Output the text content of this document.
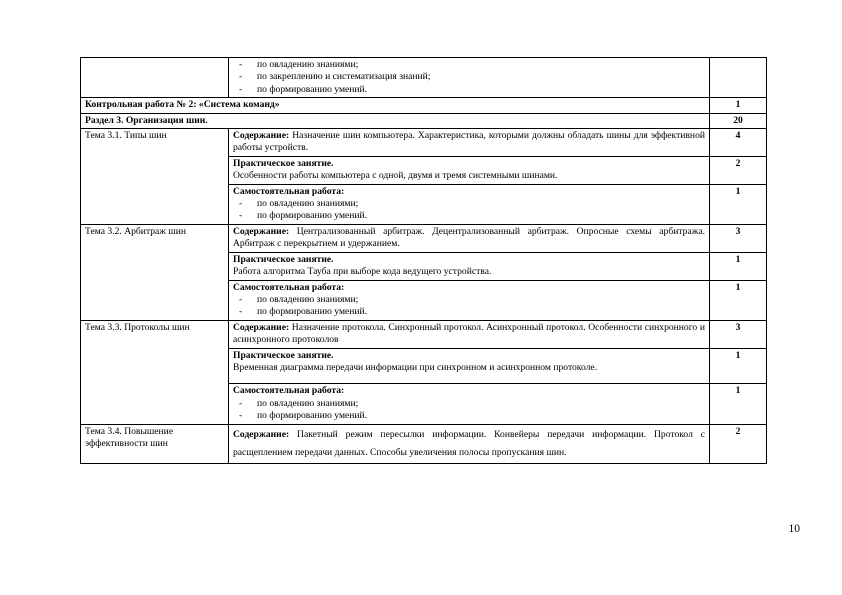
	- по овладению знаниями;
- по закреплению и систематизация знаний;
- по формированию умений.	

Контрольная работа № 2: «Система команд»		1
Раздел 3. Организация шин.		20
Тема 3.1. Типы шин	Содержание: Назначение шин компьютера. Характеристика, которыми должны обладать шины для эффективной работы устройств.	4

	Практическое занятие.
Особенности работы компьютера с одной, двумя и тремя системными шинами.	2

	Самостоятельная работа:
- по овладению знаниями;
- по формированию умений.	1
Тема 3.2. Арбитраж шин	Содержание: Централизованный арбитраж. Децентрализованный арбитраж. Опросные схемы арбитража. Арбитраж с перекрытием и удержанием.	3

	Практическое занятие.
Работа алгоритма Тауба при выборе кода ведущего устройства.	1

	Самостоятельная работа:
- по овладению знаниями;
- по формированию умений.	1
Тема 3.3. Протоколы шин	Содержание: Назначение протокола. Синхронный протокол. Асинхронный протокол. Особенности синхронного и асинхронного протоколов	3

	Практическое занятие.
Временная диаграмма передачи информации при синхронном и асинхронном протоколе.	1

	Самостоятельная работа:
- по овладению знаниями;
- по формированию умений.	1
Тема 3.4. Повышение эффективности шин	Содержание: Пакетный режим пересылки информации. Конвейеры передачи информации. Протокол с расщеплением передачи данных. Способы увеличения полосы пропускания шин.	2
10
